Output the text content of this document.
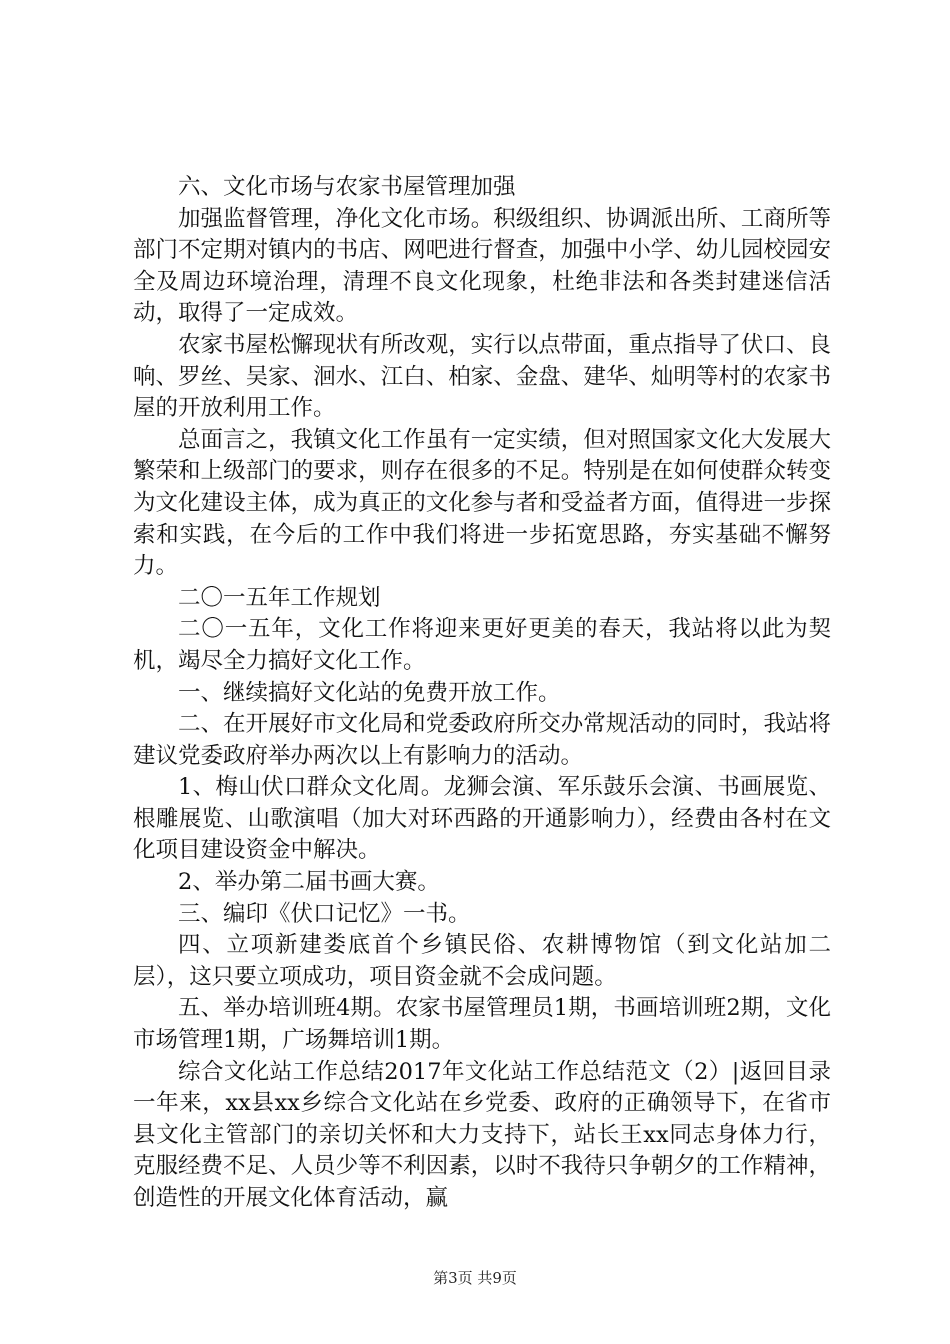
六、文化市场与农家书屋管理加强

加强监督管理，净化文化市场。积级组织、协调派出所、工商所等部门不定期对镇内的书店、网吧进行督查，加强中小学、幼儿园校园安全及周边环境治理，清理不良文化现象，杜绝非法和各类封建迷信活动，取得了一定成效。

农家书屋松懈现状有所改观，实行以点带面，重点指导了伏口、良响、罗丝、吴家、洄水、江白、柏家、金盘、建华、灿明等村的农家书屋的开放利用工作。

总面言之，我镇文化工作虽有一定实绩，但对照国家文化大发展大繁荣和上级部门的要求，则存在很多的不足。特别是在如何使群众转变为文化建设主体，成为真正的文化参与者和受益者方面，值得进一步探索和实践，在今后的工作中我们将进一步拓宽思路，夯实基础不懈努力。

二〇一五年工作规划

二〇一五年，文化工作将迎来更好更美的春天，我站将以此为契机，竭尽全力搞好文化工作。

一、继续搞好文化站的免费开放工作。

二、在开展好市文化局和党委政府所交办常规活动的同时，我站将建议党委政府举办两次以上有影响力的活动。

1、梅山伏口群众文化周。龙狮会演、军乐鼓乐会演、书画展览、根雕展览、山歌演唱（加大对环西路的开通影响力），经费由各村在文化项目建设资金中解决。

2、举办第二届书画大赛。

三、编印《伏口记忆》一书。

四、立项新建娄底首个乡镇民俗、农耕博物馆（到文化站加二层），这只要立项成功，项目资金就不会成问题。

五、举办培训班4期。农家书屋管理员1期，书画培训班2期，文化市场管理1期，广场舞培训1期。

综合文化站工作总结2017年文化站工作总结范文（2）|返回目录一年来，xx县xx乡综合文化站在乡党委、政府的正确领导下，在省市县文化主管部门的亲切关怀和大力支持下，站长王xx同志身体力行，克服经费不足、人员少等不利因素，以时不我待只争朝夕的工作精神，创造性的开展文化体育活动，赢

第3页 共9页
